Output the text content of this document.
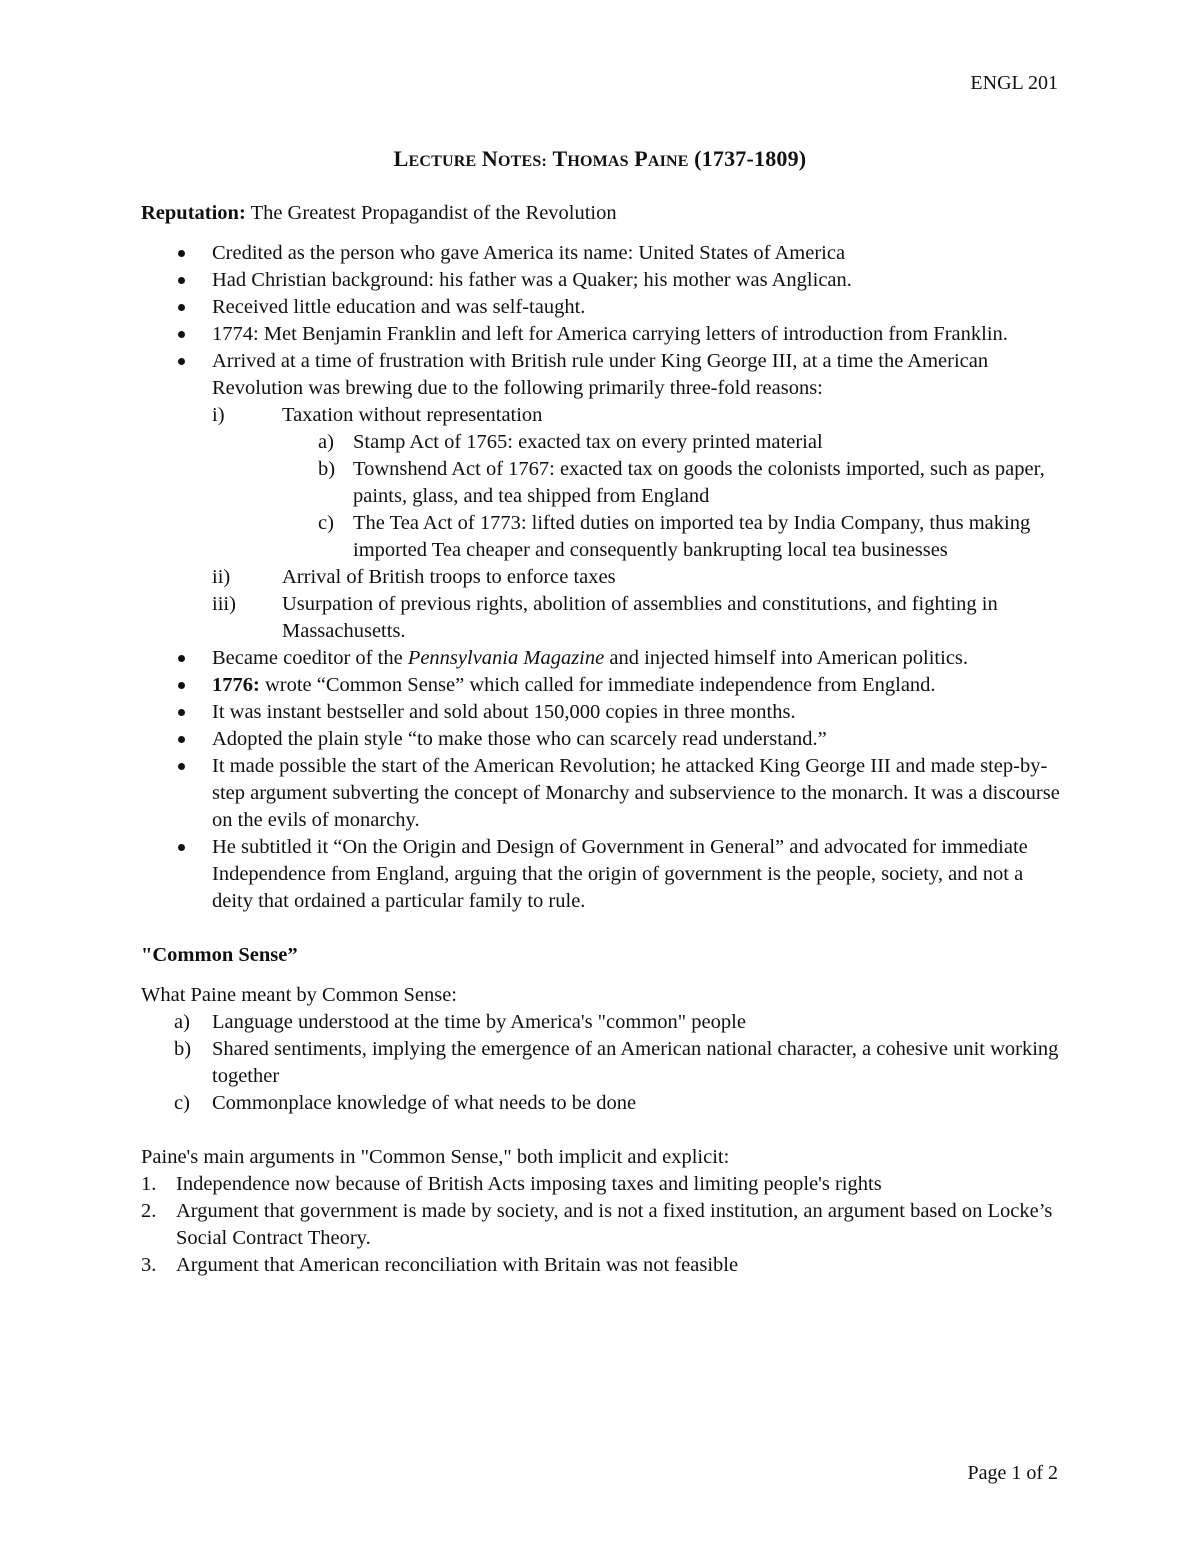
ENGL 201
LECTURE NOTES: THOMAS PAINE (1737-1809)

Reputation: The Greatest Propagandist of the Revolution

Credited as the person who gave America its name: United States of America
Had Christian background: his father was a Quaker; his mother was Anglican.
Received little education and was self-taught.
1774: Met Benjamin Franklin and left for America carrying letters of introduction from Franklin.
Arrived at a time of frustration with British rule under King George III, at a time the American Revolution was brewing due to the following primarily three-fold reasons:
i)	Taxation without representation
a) Stamp Act of 1765: exacted tax on every printed material
b) Townshend Act of 1767: exacted tax on goods the colonists imported, such as paper, paints, glass, and tea shipped from England
c) The Tea Act of 1773: lifted duties on imported tea by India Company, thus making imported Tea cheaper and consequently bankrupting local tea businesses
ii)	Arrival of British troops to enforce taxes
iii) Usurpation of previous rights, abolition of assemblies and constitutions, and fighting in Massachusetts.
Became coeditor of the Pennsylvania Magazine and injected himself into American politics.
1776: wrote “Common Sense” which called for immediate independence from England.
It was instant bestseller and sold about 150,000 copies in three months.
Adopted the plain style “to make those who can scarcely read understand.”
It made possible the start of the American Revolution; he attacked King George III and made step-by-step argument subverting the concept of Monarchy and subservience to the monarch. It was a discourse on the evils of monarchy.
He subtitled it “On the Origin and Design of Government in General” and advocated for immediate Independence from England, arguing that the origin of government is the people, society, and not a deity that ordained a particular family to rule.

"Common Sense”

What Paine meant by Common Sense:

a) Language understood at the time by America's "common" people
b) Shared sentiments, implying the emergence of an American national character, a cohesive unit working together
c) Commonplace knowledge of what needs to be done

Paine's main arguments in "Common Sense," both implicit and explicit:

1. Independence now because of British Acts imposing taxes and limiting people's rights
2. Argument that government is made by society, and is not a fixed institution, an argument based on Locke’s Social Contract Theory.
3. Argument that American reconciliation with Britain was not feasible
Page 1 of 2
